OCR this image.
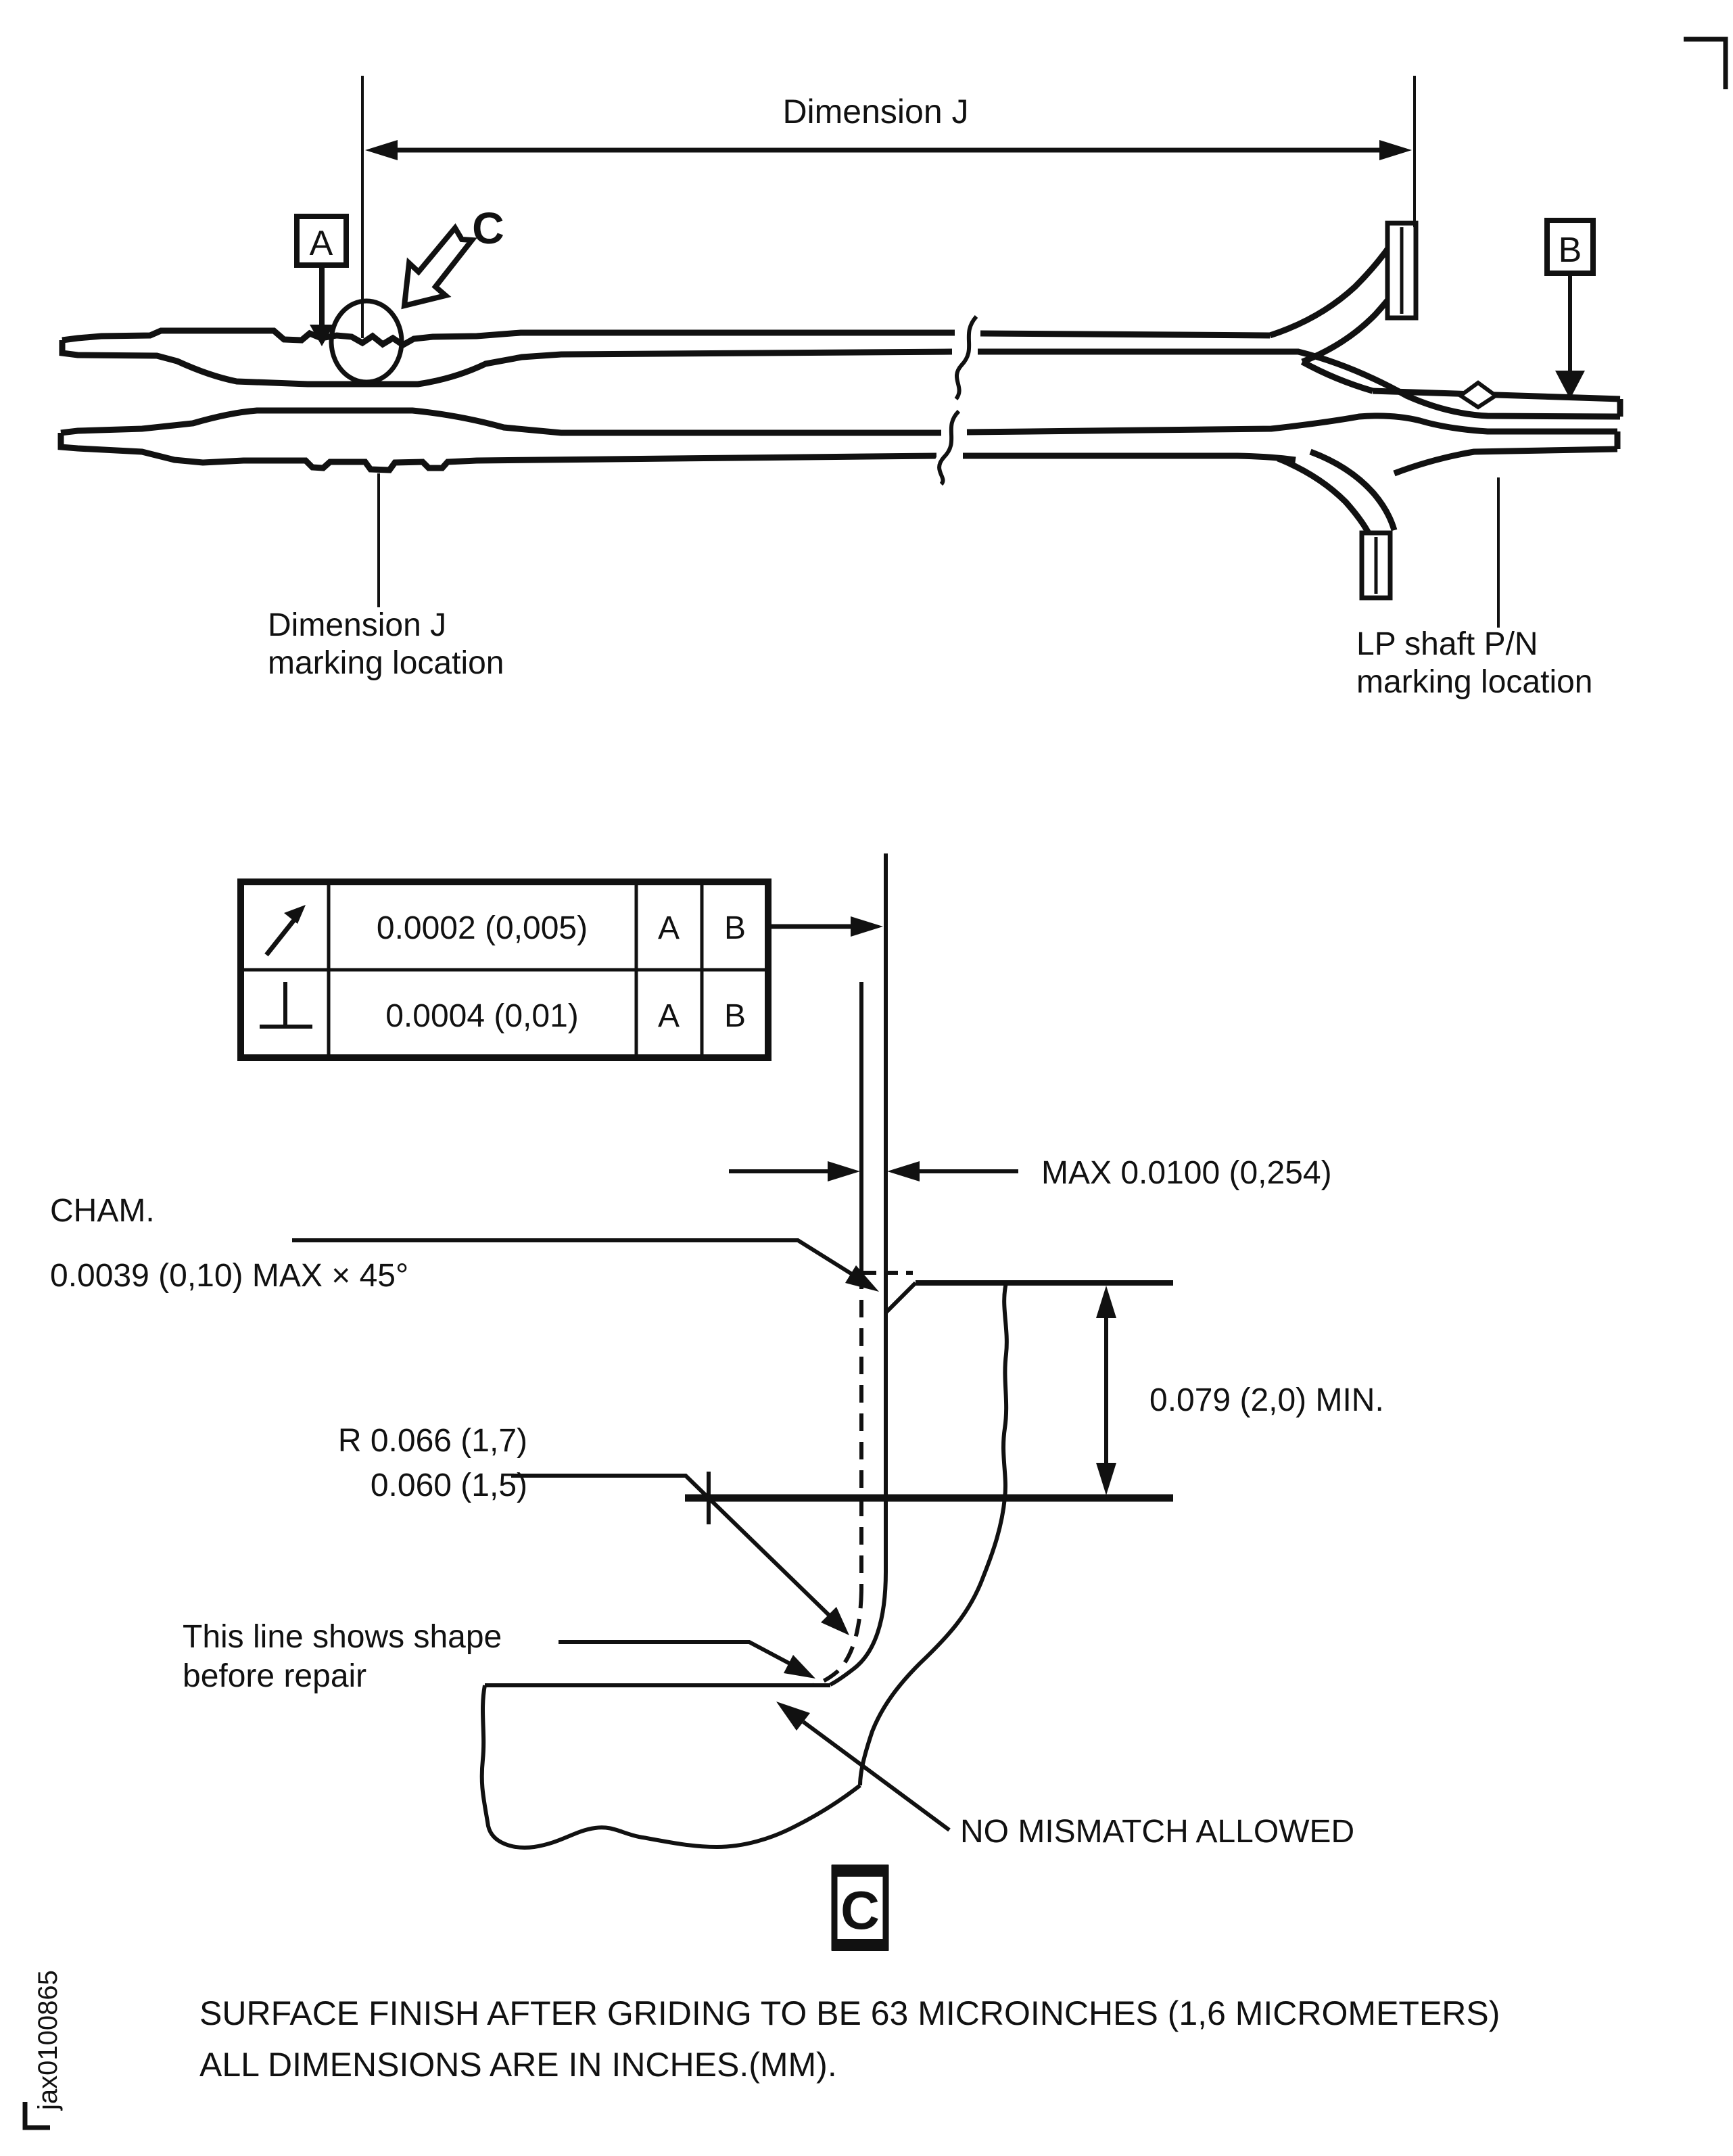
Dimension J
A	B
C
Dimension J
marking location
LP shaft P/N
marking location
0.0002 (0,005) A B
0.0004 (0,01) A B
MAX 0.0100 (0,254)
CHAM.
0.0039 (0,10) MAX × 45°
0.079 (2,0) MIN.
R 0.066 (1,7)
0.060 (1,5)
This line shows shape
before repair
NO MISMATCH ALLOWED
C
SURFACE FINISH AFTER GRIDING TO BE 63 MICROINCHES (1,6 MICROMETERS)
ALL DIMENSIONS ARE IN INCHES.(MM).
jax0100865
